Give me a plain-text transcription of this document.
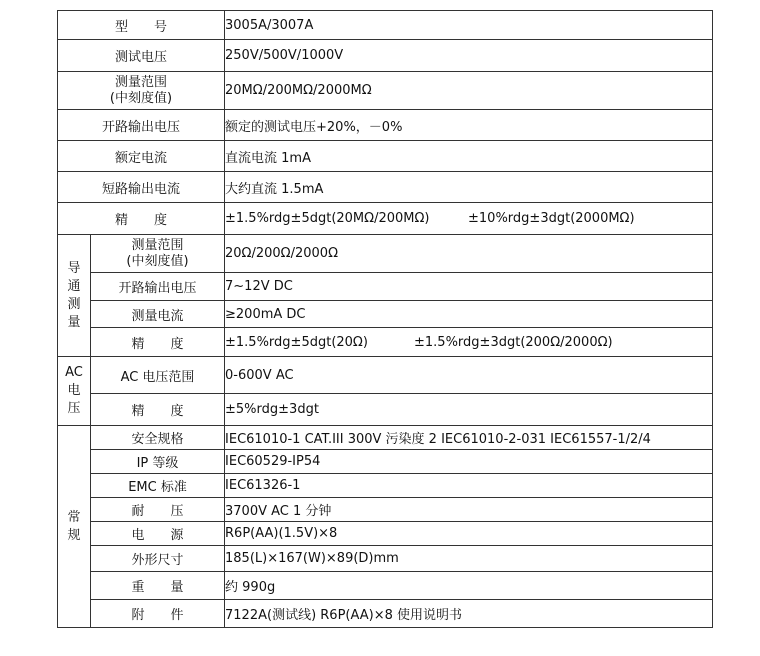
型　　号		3005A/3007A
测试电压		250V/500V/1000V

测量范围
(中刻度值)		20MΩ/200MΩ/2000MΩ
开路输出电压		额定的测试电压+20%，－0%
额定电流		直流电流 1mA
短路输出电流		大约直流 1.5mA
精　　度		±1.5%rdg±5dgt(20MΩ/200MΩ) ±10%rdg±3dgt(2000MΩ)

导
通
测
量	测量范围
(中刻度值)	20Ω/200Ω/2000Ω
	开路输出电压	7~12V DC
	测量电流	≥200mA DC
	精　　度	±1.5%rdg±5dgt(20Ω) ±1.5%rdg±3dgt(200Ω/2000Ω)

AC
电
压	AC 电压范围	0-600V AC
	精　　度	±5%rdg±3dgt

常
规	安全规格	IEC61010-1 CAT.III 300V 污染度 2 IEC61010-2-031 IEC61557-1/2/4
	IP 等级	IEC60529-IP54
	EMC 标准	IEC61326-1
	耐　　压	3700V AC 1 分钟
	电　　源	R6P(AA)(1.5V)×8
	外形尺寸	185(L)×167(W)×89(D)mm
	重　　量	约 990g
	附　　件	7122A(测试线) R6P(AA)×8 使用说明书
